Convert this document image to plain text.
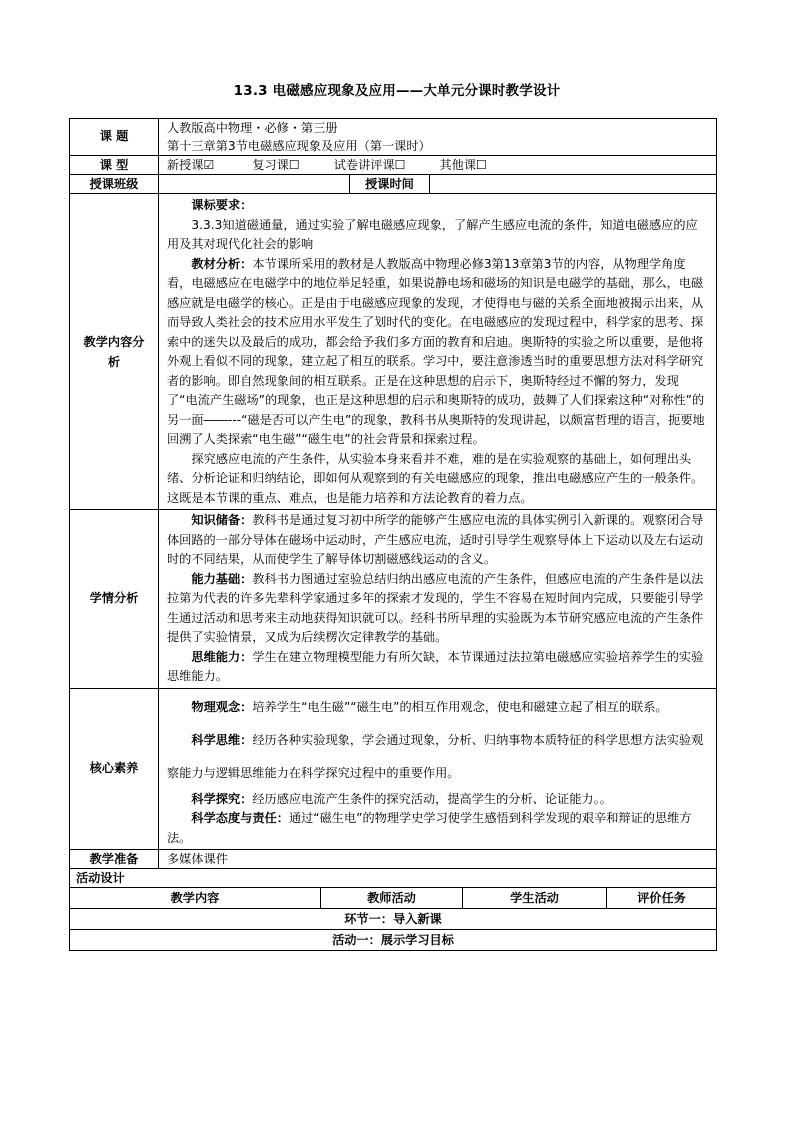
13.3 电磁感应现象及应用——大单元分课时教学设计
课 题	人教版高中物理・必修・第三册
第十三章第3节电磁感应现象及应用（第一课时）		

课 型	新授课☑ 复习课☐ 试卷讲评课☐ 其他课☐		
授课班级		授课时间	

教学内容分析	课标要求：

3.3.3知道磁通量，通过实验了解电磁感应现象，了解产生感应电流的条件，知道电磁感应的应用及其对现代化社会的影响

教材分析：本节课所采用的教材是人教版高中物理必修3第13章第3节的内容，从物理学角度看，电磁感应在电磁学中的地位举足轻重，如果说静电场和磁场的知识是电磁学的基础，那么，电磁感应就是电磁学的核心。正是由于电磁感应现象的发现，才使得电与磁的关系全面地被揭示出来，从而导致人类社会的技术应用水平发生了划时代的变化。在电磁感应的发现过程中，科学家的思考、探索中的迷失以及最后的成功，都会给予我们多方面的教育和启迪。奥斯特的实验之所以重要，是他将外观上看似不同的现象，建立起了相互的联系。学习中，要注意渗透当时的重要思想方法对科学研究者的影响。即自然现象间的相互联系。正是在这种思想的启示下，奥斯特经过不懈的努力，发现了“电流产生磁场”的现象，也正是这种思想的启示和奥斯特的成功，鼓舞了人们探索这种“对称性”的另一面――---“磁是否可以产生电”的现象，教科书从奥斯特的发现讲起，以颇富哲理的语言，扼要地回溯了人类探索“电生磁”“磁生电”的社会背景和探索过程。

探究感应电流的产生条件，从实验本身来看并不难，难的是在实验观察的基础上，如何理出头绪、分析论证和归纳结论，即如何从观察到的有关电磁感应的现象，推出电磁感应产生的一般条件。这既是本节课的重点、难点，也是能力培养和方法论教育的着力点。		

学情分析	知识储备：教科书是通过复习初中所学的能够产生感应电流的具体实例引入新课的。观察闭合导体回路的一部分导体在磁场中运动时，产生感应电流，适时引导学生观察导体上下运动以及左右运动时的不同结果，从而使学生了解导体切割磁感线运动的含义。

能力基础：教科书力图通过室验总结归纳出感应电流的产生条件，但感应电流的产生条件是以法拉第为代表的许多先辈科学家通过多年的探索才发现的，学生不容易在短时间内完成，只要能引导学生通过活动和思考来主动地获得知识就可以。经科书所早理的实验既为本节研究感应电流的产生条件提供了实验情景，又成为后续楞次定律教学的基础。

思维能力：学生在建立物理模型能力有所欠缺，本节课通过法拉第电磁感应实验培养学生的实验思维能力。		

核心素养	物理观念：培养学生“电生磁”“磁生电”的相互作用观念，使电和磁建立起了相互的联系。

科学思维：经历各种实验现象，学会通过现象，分析、归纳事物本质特征的科学思想方法实验观察能力与逻辑思维能力在科学探究过程中的重要作用。

科学探究：经历感应电流产生条件的探究活动，提高学生的分析、论证能力。。

科学态度与责任：通过“磁生电”的物理学史学习使学生感悟到科学发现的艰辛和辩证的思维方法。		

教学准备	多媒体课件		
活动设计			

教学内容 教师活动 学生活动 评价任务			

环节一：导入新课			
活动一：展示学习目标			
